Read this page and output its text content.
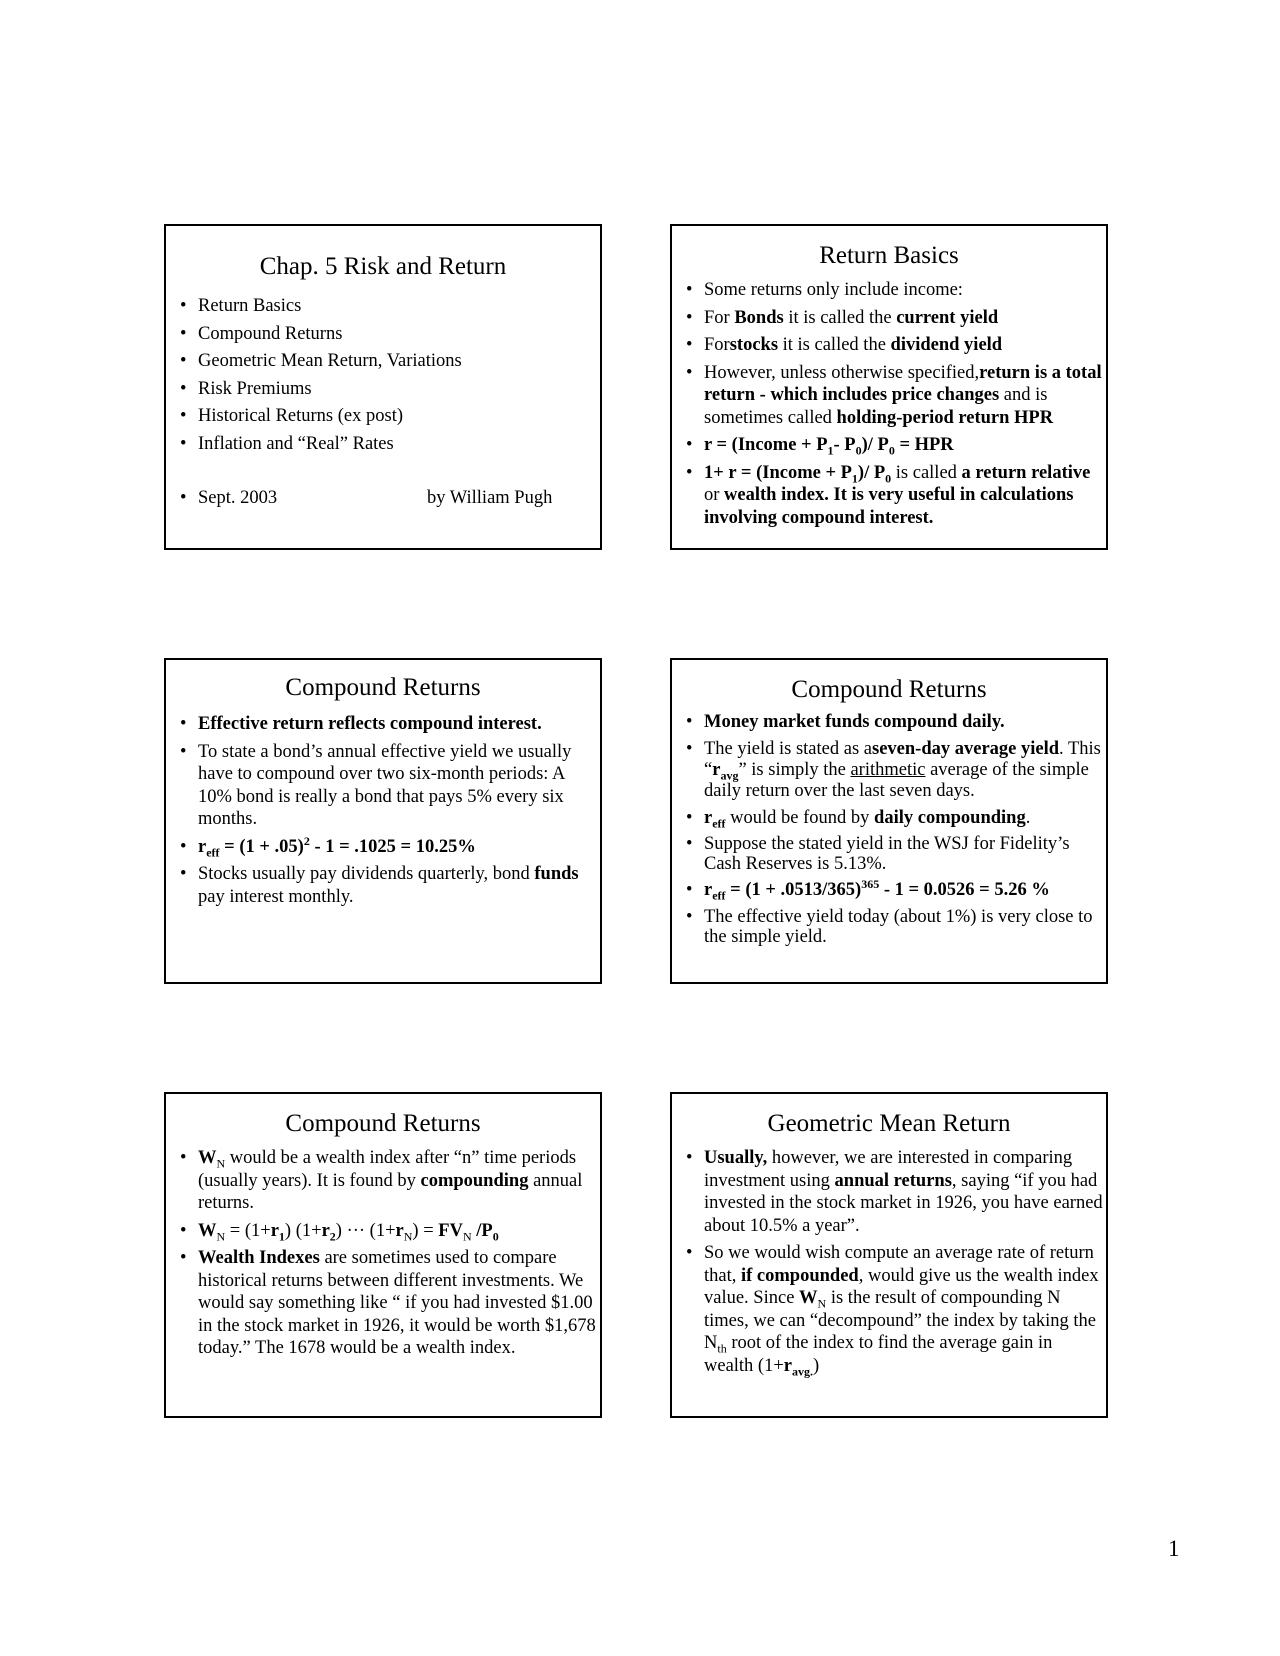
Chap. 5 Risk and Return
• Return Basics
• Compound Returns
• Geometric Mean Return, Variations
• Risk Premiums
• Historical Returns (ex post)
• Inflation and “Real” Rates
• Sept. 2003	by William Pugh
Return Basics
• Some returns only include income:
• For Bonds it is called the current yield
• Forstocks it is called the dividend yield
• However, unless otherwise specified,return is a total return - which includes price changes and is sometimes called holding-period return HPR
• r = (Income + $P_1-$ $P_0)/$ $P_0$ = HPR
• 1+ r = (Income + $P_1)/$ $P_0$ is called a return relative or wealth index. It is very useful in calculations involving compound interest.
Compound Returns
• Effective return reflects compound interest.
• To state a bond’s annual effective yield we usually have to compound over two six-month periods: A 10% bond is really a bond that pays 5% every six months.
• $r_{eff} = (1 + .05)^2 - 1 = .1025 = 10.25\%$
• Stocks usually pay dividends quarterly, bond funds pay interest monthly.
Compound Returns
• Money market funds compound daily.
• The yield is stated as aseven-day average yield. This “$r_{avg}$” is simply the arithmetic average of the simple daily return over the last seven days.
• $r_{eff}$ would be found by daily compounding.
• Suppose the stated yield in the WSJ for Fidelity’s Cash Reserves is 5.13%.
• $r_{eff} = (1 + .0513/365)^{365} - 1 = 0.0526 = 5.26$ %
• The effective yield today (about 1%) is very close to the simple yield.
Compound Returns
• $W_N$ would be a wealth index after “n” time periods (usually years). It is found by compounding annual returns.
• $W_N = (1+r_1)$ $(1+r_2)$ ··· $(1+r_N) = FV_N$ $/P_0$
• Wealth Indexes are sometimes used to compare historical returns between different investments. We would say something like “ if you had invested $1.00 in the stock market in 1926, it would be worth $1,678 today.” The 1678 would be a wealth index.
Geometric Mean Return
• Usually, however, we are interested in comparing investment using annual returns, saying “if you had invested in the stock market in 1926, you have earned about 10.5% a year”.
• So we would wish compute an average rate of return that, if compounded, would give us the wealth index value. Since $W_N$ is the result of compounding N times, we can “decompound” the index by taking the $N_{th}$ root of the index to find the average gain in wealth $(1+r_{avg.})$
1
